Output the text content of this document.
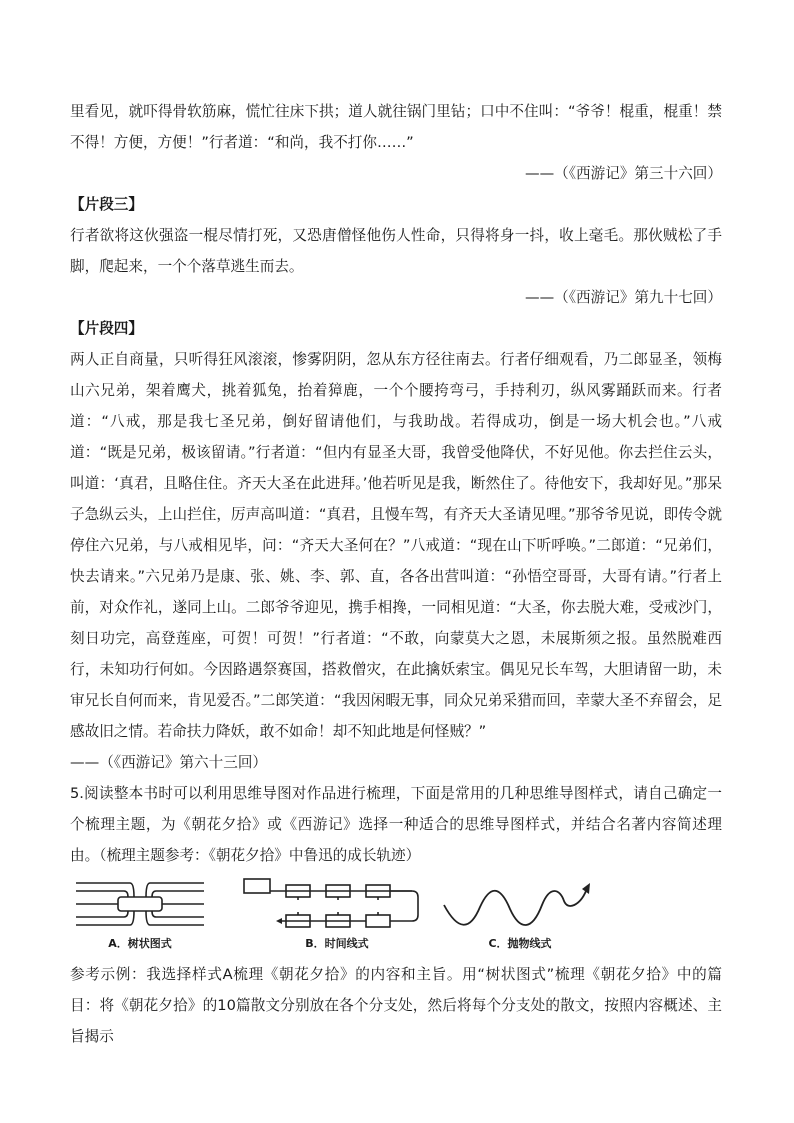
里看见，就吓得骨软筋麻，慌忙往床下拱；道人就往锅门里钻；口中不住叫：“爷爷！棍重，棍重！禁不得！方便，方便！”行者道：“和尚，我不打你……”

——（《西游记》第三十六回）

【片段三】

行者欲将这伙强盗一棍尽情打死，又恐唐僧怪他伤人性命，只得将身一抖，收上毫毛。那伙贼松了手脚，爬起来，一个个落草逃生而去。

——（《西游记》第九十七回）

【片段四】

两人正自商量，只听得狂风滚滚，惨雾阴阴，忽从东方径往南去。行者仔细观看，乃二郎显圣，领梅山六兄弟，架着鹰犬，挑着狐兔，抬着獐鹿，一个个腰挎弯弓，手持利刃，纵风雾踊跃而来。行者道：“八戒，那是我七圣兄弟，倒好留请他们，与我助战。若得成功，倒是一场大机会也。”八戒道：“既是兄弟，极该留请。”行者道：“但内有显圣大哥，我曾受他降伏，不好见他。你去拦住云头，叫道：‘真君，且略住住。齐天大圣在此进拜。’他若听见是我，断然住了。待他安下，我却好见。”那呆子急纵云头，上山拦住，厉声高叫道：“真君，且慢车驾，有齐天大圣请见哩。”那爷爷见说，即传令就停住六兄弟，与八戒相见毕，问：“齐天大圣何在？”八戒道：“现在山下听呼唤。”二郎道：“兄弟们，快去请来。”六兄弟乃是康、张、姚、李、郭、直，各各出营叫道：“孙悟空哥哥，大哥有请。”行者上前，对众作礼，遂同上山。二郎爷爷迎见，携手相搀，一同相见道：“大圣，你去脱大难，受戒沙门，刻日功完，高登莲座，可贺！可贺！”行者道：“不敢，向蒙莫大之恩，未展斯须之报。虽然脱难西行，未知功行何如。今因路遇祭赛国，搭救僧灾，在此擒妖索宝。偶见兄长车驾，大胆请留一助，未审兄长自何而来，肯见爱否。”二郎笑道：“我因闲暇无事，同众兄弟采猎而回，幸蒙大圣不弃留会，足感故旧之情。若命扶力降妖，敢不如命！却不知此地是何怪贼？”

——（《西游记》第六十三回）

5.阅读整本书时可以利用思维导图对作品进行梳理，下面是常用的几种思维导图样式，请自己确定一个梳理主题，为《朝花夕拾》或《西游记》选择一种适合的思维导图样式，并结合名著内容简述理由。（梳理主题参考：《朝花夕拾》中鲁迅的成长轨迹）

A．树状图式	B．时间线式	C．抛物线式

参考示例：我选择样式A梳理《朝花夕拾》的内容和主旨。用“树状图式”梳理《朝花夕拾》中的篇目：将《朝花夕拾》的10篇散文分别放在各个分支处，然后将每个分支处的散文，按照内容概述、主旨揭示
